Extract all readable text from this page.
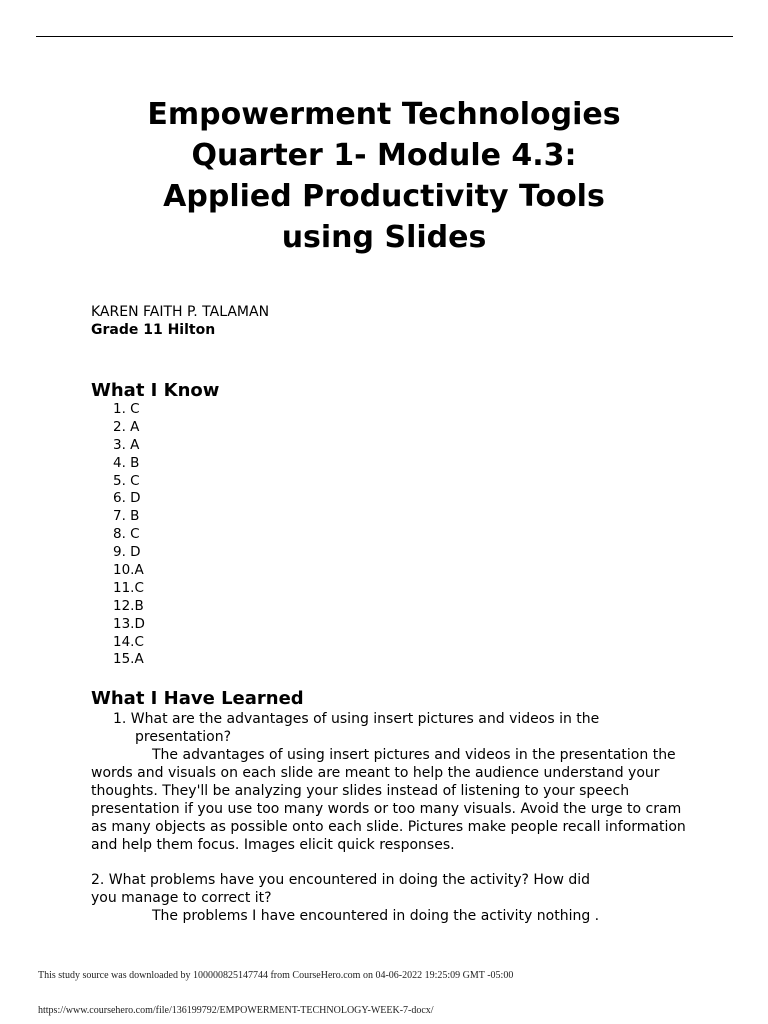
Empowerment Technologies
Quarter 1- Module 4.3:
Applied Productivity Tools
using Slides
KAREN FAITH P. TALAMAN
Grade 11 Hilton
What I Know
1. C
2. A
3. A
4. B
5. C
6. D
7. B
8. C
9. D
10.A
11.C
12.B
13.D
14.C
15.A
What I Have Learned
1. What are the advantages of using insert pictures and videos in the
presentation?
The advantages of using insert pictures and videos in the presentation the
words and visuals on each slide are meant to help the audience understand your
thoughts. They'll be analyzing your slides instead of listening to your speech
presentation if you use too many words or too many visuals. Avoid the urge to cram
as many objects as possible onto each slide. Pictures make people recall information
and help them focus. Images elicit quick responses.
2. What problems have you encountered in doing the activity? How did
you manage to correct it?
The problems I have encountered in doing the activity nothing .
This study source was downloaded by 100000825147744 from CourseHero.com on 04-06-2022 19:25:09 GMT -05:00
https://www.coursehero.com/file/136199792/EMPOWERMENT-TECHNOLOGY-WEEK-7-docx/
